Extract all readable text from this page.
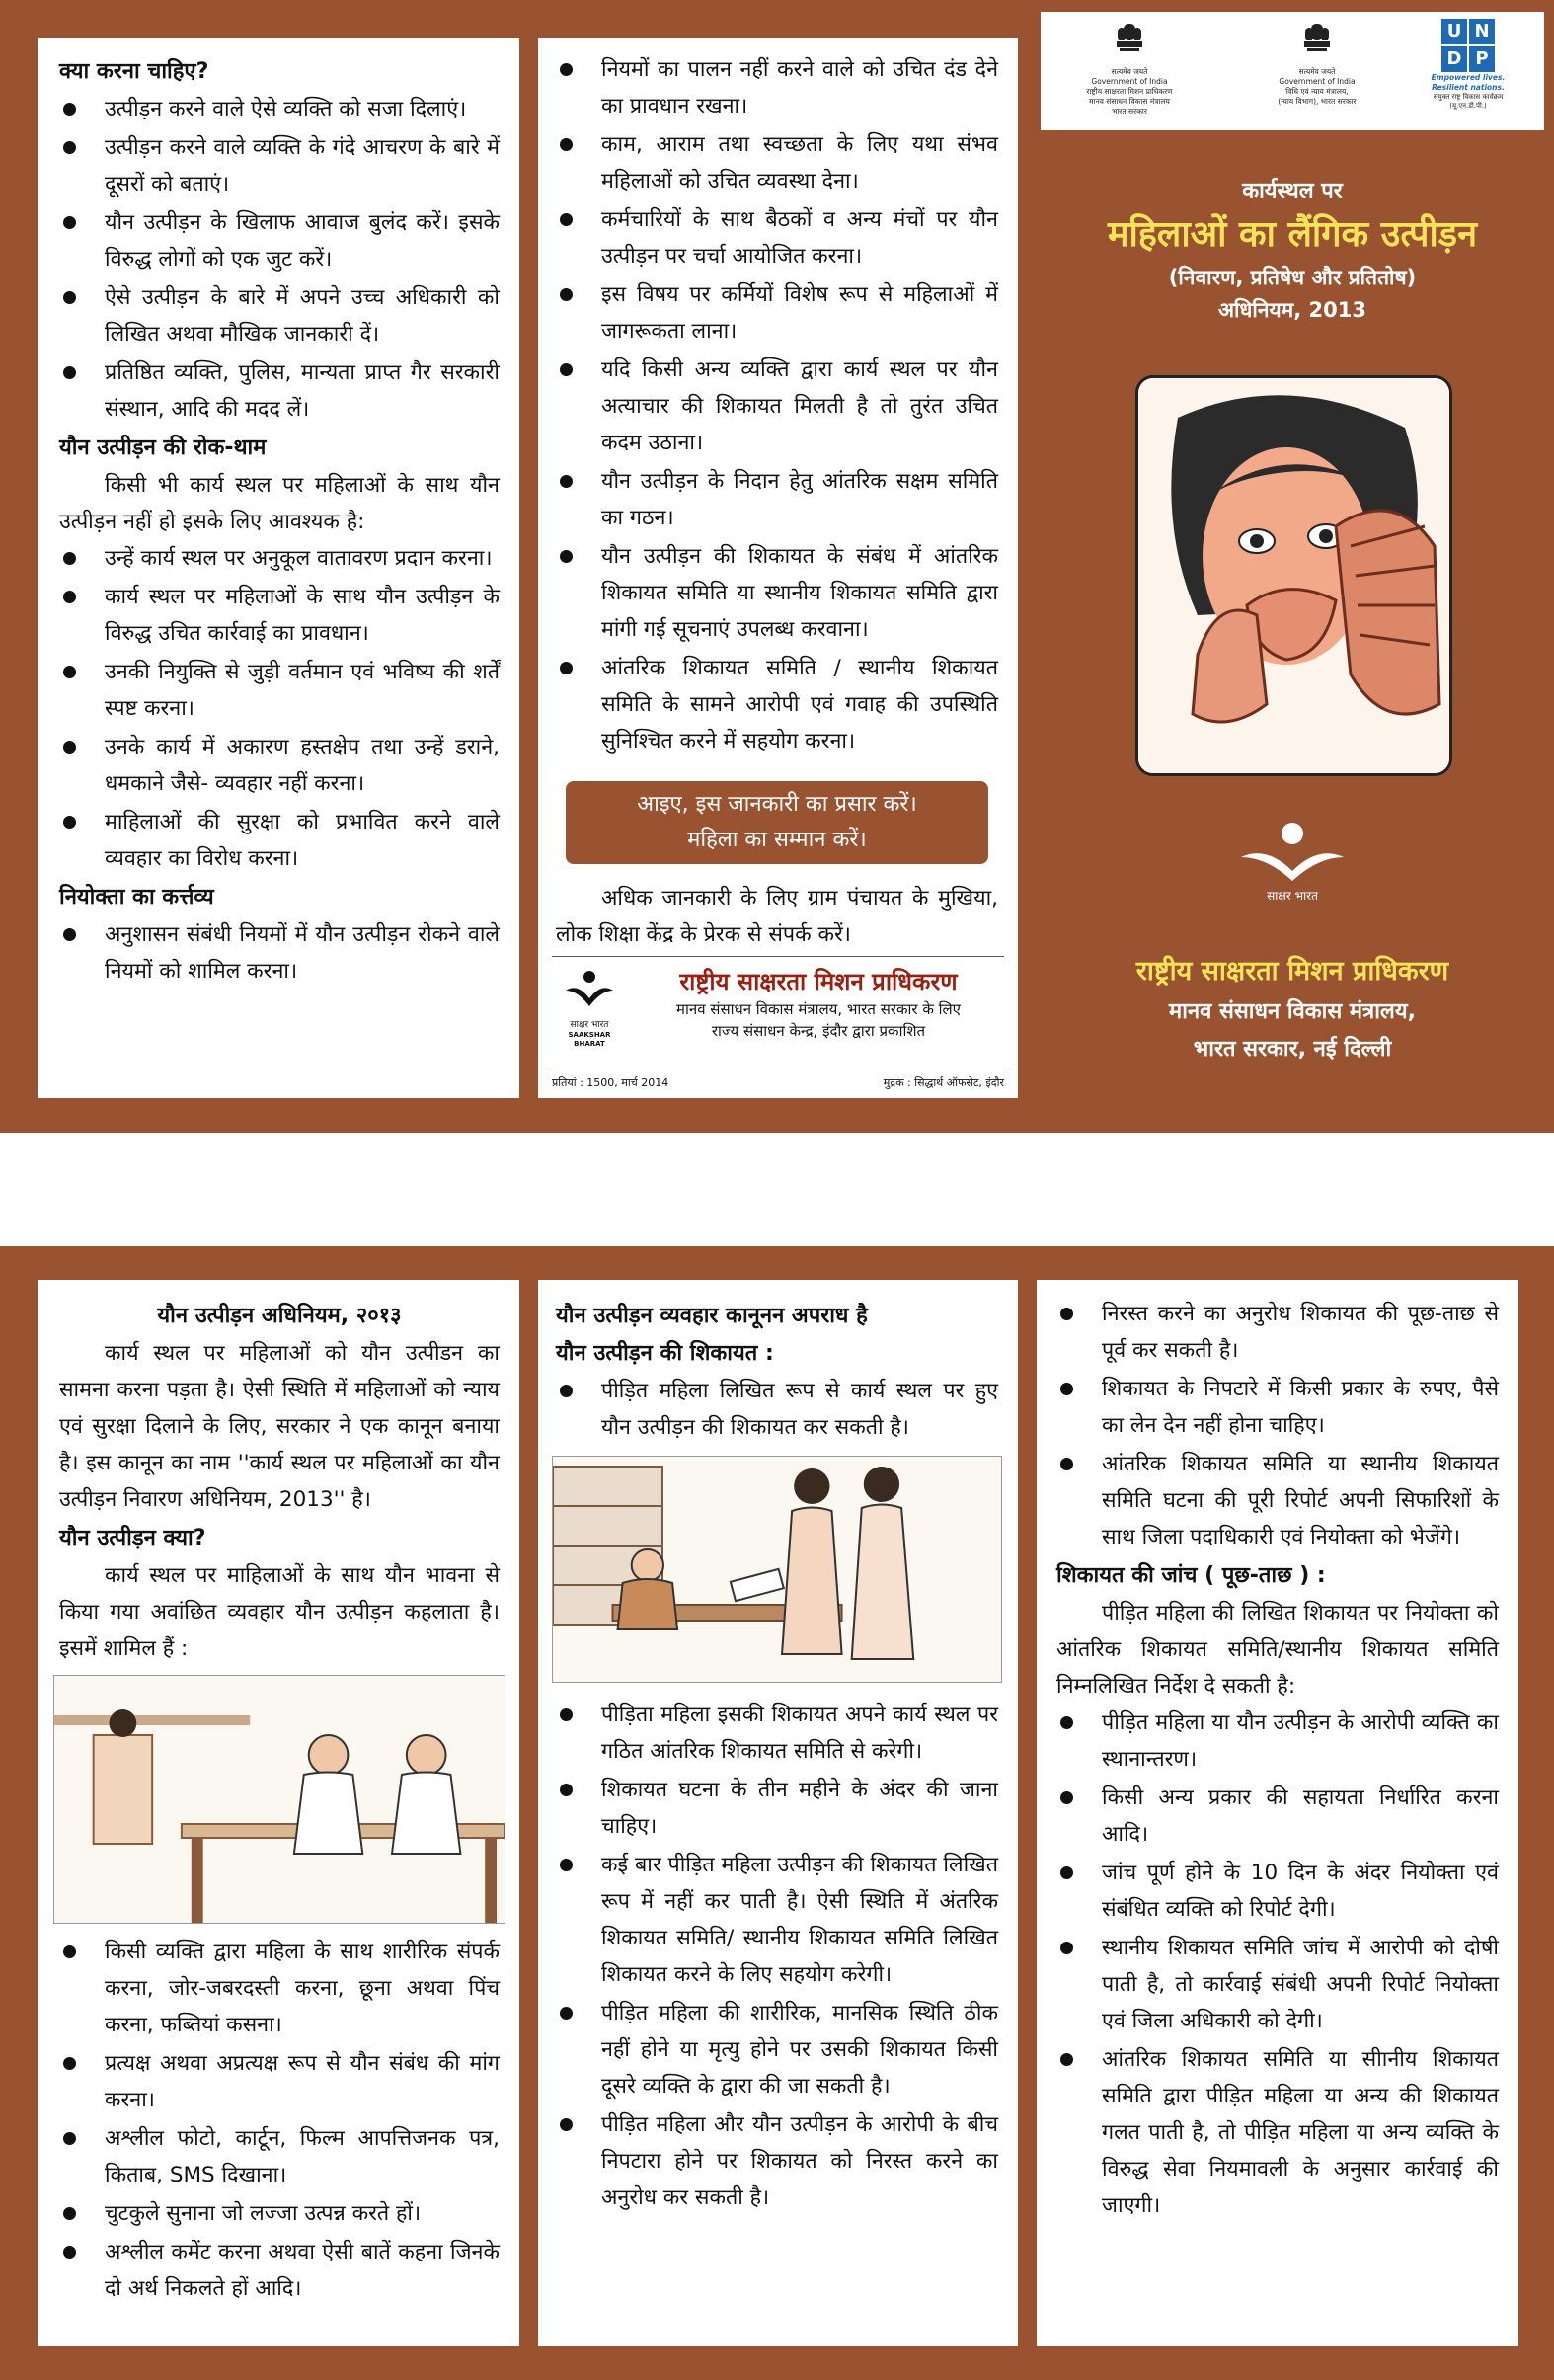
क्या करना चाहिए?
उत्पीड़न करने वाले ऐसे व्यक्ति को सजा दिलाएं।
उत्पीड़न करने वाले व्यक्ति के गंदे आचरण के बारे में दूसरों को बताएं।
यौन उत्पीड़न के खिलाफ आवाज बुलंद करें। इसके विरुद्ध लोगों को एक जुट करें।
ऐसे उत्पीड़न के बारे में अपने उच्च अधिकारी को लिखित अथवा मौखिक जानकारी दें।
प्रतिष्ठित व्यक्ति, पुलिस, मान्यता प्राप्त गैर सरकारी संस्थान, आदि की मदद लें।
यौन उत्पीड़न की रोक-थाम

किसी भी कार्य स्थल पर महिलाओं के साथ यौन उत्पीड़न नहीं हो इसके लिए आवश्यक है:

उन्हें कार्य स्थल पर अनुकूल वातावरण प्रदान करना।
कार्य स्थल पर महिलाओं के साथ यौन उत्पीड़न के विरुद्ध उचित कार्रवाई का प्रावधान।
उनकी नियुक्ति से जुड़ी वर्तमान एवं भविष्य की शर्तें स्पष्ट करना।
उनके कार्य में अकारण हस्तक्षेप तथा उन्हें डराने, धमकाने जैसे- व्यवहार नहीं करना।
माहिलाओं की सुरक्षा को प्रभावित करने वाले व्यवहार का विरोध करना।
नियोक्ता का कर्त्तव्य
अनुशासन संबंधी नियमों में यौन उत्पीड़न रोकने वाले नियमों को शामिल करना।
नियमों का पालन नहीं करने वाले को उचित दंड देने का प्रावधान रखना।
काम, आराम तथा स्वच्छता के लिए यथा संभव महिलाओं को उचित व्यवस्था देना।
कर्मचारियों के साथ बैठकों व अन्य मंचों पर यौन उत्पीड़न पर चर्चा आयोजित करना।
इस विषय पर कर्मियों विशेष रूप से महिलाओं में जागरूकता लाना।
यदि किसी अन्य व्यक्ति द्वारा कार्य स्थल पर यौन अत्याचार की शिकायत मिलती है तो तुरंत उचित कदम उठाना।
यौन उत्पीड़न के निदान हेतु आंतरिक सक्षम समिति का गठन।
यौन उत्पीड़न की शिकायत के संबंध में आंतरिक शिकायत समिति या स्थानीय शिकायत समिति द्वारा मांगी गई सूचनाएं उपलब्ध करवाना।
आंतरिक शिकायत समिति / स्थानीय शिकायत समिति के सामने आरोपी एवं गवाह की उपस्थिति सुनिश्चित करने में सहयोग करना।
आइए, इस जानकारी का प्रसार करें।
महिला का सम्मान करें।

अधिक जानकारी के लिए ग्राम पंचायत के मुखिया, लोक शिक्षा केंद्र के प्रेरक से संपर्क करें।

साक्षर भारत
SAAKSHAR BHARAT
राष्ट्रीय साक्षरता मिशन प्राधिकरण
मानव संसाधन विकास मंत्रालय, भारत सरकार के लिए
राज्य संसाधन केन्द्र, इंदौर द्वारा प्रकाशित
प्रतियां : 1500, मार्च 2014	मुद्रक : सिद्धार्थ ऑफसेट, इंदौर
सत्यमेव जयते
Government of India
राष्ट्रीय साक्षरता मिशन प्राधिकरण
मानव संसाधन विकास मंत्रालय
भारत सरकार
सत्यमेव जयते
Government of India
विधि एवं न्याय मंत्रालय,
(न्याय विभाग), भारत सरकार
U ND P
Empowered lives.
Resilient nations.
संयुक्त राष्ट्र विकास कार्यक्रम (यू.एन.डी.पी.)
कार्यस्थल पर
महिलाओं का लैंगिक उत्पीड़न
(निवारण, प्रतिषेध और प्रतितोष)
अधिनियम, 2013
साक्षर भारत
राष्ट्रीय साक्षरता मिशन प्राधिकरण
मानव संसाधन विकास मंत्रालय,
भारत सरकार, नई दिल्ली
यौन उत्पीड़न अधिनियम, २०१३

कार्य स्थल पर महिलाओं को यौन उत्पीडन का सामना करना पड़ता है। ऐसी स्थिति में महिलाओं को न्याय एवं सुरक्षा दिलाने के लिए, सरकार ने एक कानून बनाया है। इस कानून का नाम ''कार्य स्थल पर महिलाओं का यौन उत्पीड़न निवारण अधिनियम, 2013'' है।

यौन उत्पीड़न क्या?

कार्य स्थल पर माहिलाओं के साथ यौन भावना से किया गया अवांछित व्यवहार यौन उत्पीड़न कहलाता है। इसमें शामिल हैं :

किसी व्यक्ति द्वारा महिला के साथ शारीरिक संपर्क करना, जोर-जबरदस्ती करना, छूना अथवा पिंच करना, फब्तियां कसना।
प्रत्यक्ष अथवा अप्रत्यक्ष रूप से यौन संबंध की मांग करना।
अश्लील फोटो, कार्टून, फिल्म आपत्तिजनक पत्र, किताब, SMS दिखाना।
चुटकुले सुनाना जो लज्जा उत्पन्न करते हों।
अश्लील कमेंट करना अथवा ऐसी बातें कहना जिनके दो अर्थ निकलते हों आदि।
यौन उत्पीड़न व्यवहार कानूनन अपराध है
यौन उत्पीड़न की शिकायत :
पीड़ित महिला लिखित रूप से कार्य स्थल पर हुए यौन उत्पीड़न की शिकायत कर सकती है।
पीड़िता महिला इसकी शिकायत अपने कार्य स्थल पर गठित आंतरिक शिकायत समिति से करेगी।
शिकायत घटना के तीन महीने के अंदर की जाना चाहिए।
कई बार पीड़ित महिला उत्पीड़न की शिकायत लिखित रूप में नहीं कर पाती है। ऐसी स्थिति में अंतरिक शिकायत समिति/ स्थानीय शिकायत समिति लिखित शिकायत करने के लिए सहयोग करेगी।
पीड़ित महिला की शारीरिक, मानसिक स्थिति ठीक नहीं होने या मृत्यु होने पर उसकी शिकायत किसी दूसरे व्यक्ति के द्वारा की जा सकती है।
पीड़ित महिला और यौन उत्पीड़न के आरोपी के बीच निपटारा होने पर शिकायत को निरस्त करने का अनुरोध कर सकती है।
निरस्त करने का अनुरोध शिकायत की पूछ-ताछ से पूर्व कर सकती है।
शिकायत के निपटारे में किसी प्रकार के रुपए, पैसे का लेन देन नहीं होना चाहिए।
आंतरिक शिकायत समिति या स्थानीय शिकायत समिति घटना की पूरी रिपोर्ट अपनी सिफारिशों के साथ जिला पदाधिकारी एवं नियोक्ता को भेजेंगे।
शिकायत की जांच ( पूछ-ताछ ) :

पीड़ित महिला की लिखित शिकायत पर नियोक्ता को आंतरिक शिकायत समिति/स्थानीय शिकायत समिति निम्नलिखित निर्देश दे सकती है:

पीड़ित महिला या यौन उत्पीड़न के आरोपी व्यक्ति का स्थानान्तरण।
किसी अन्य प्रकार की सहायता निर्धारित करना आदि।
जांच पूर्ण होने के 10 दिन के अंदर नियोक्ता एवं संबंधित व्यक्ति को रिपोर्ट देगी।
स्थानीय शिकायत समिति जांच में आरोपी को दोषी पाती है, तो कार्रवाई संबंधी अपनी रिपोर्ट नियोक्ता एवं जिला अधिकारी को देगी।
आंतरिक शिकायत समिति या सीानीय शिकायत समिति द्वारा पीड़ित महिला या अन्य की शिकायत गलत पाती है, तो पीड़ित महिला या अन्य व्यक्ति के विरुद्ध सेवा नियमावली के अनुसार कार्रवाई की जाएगी।
